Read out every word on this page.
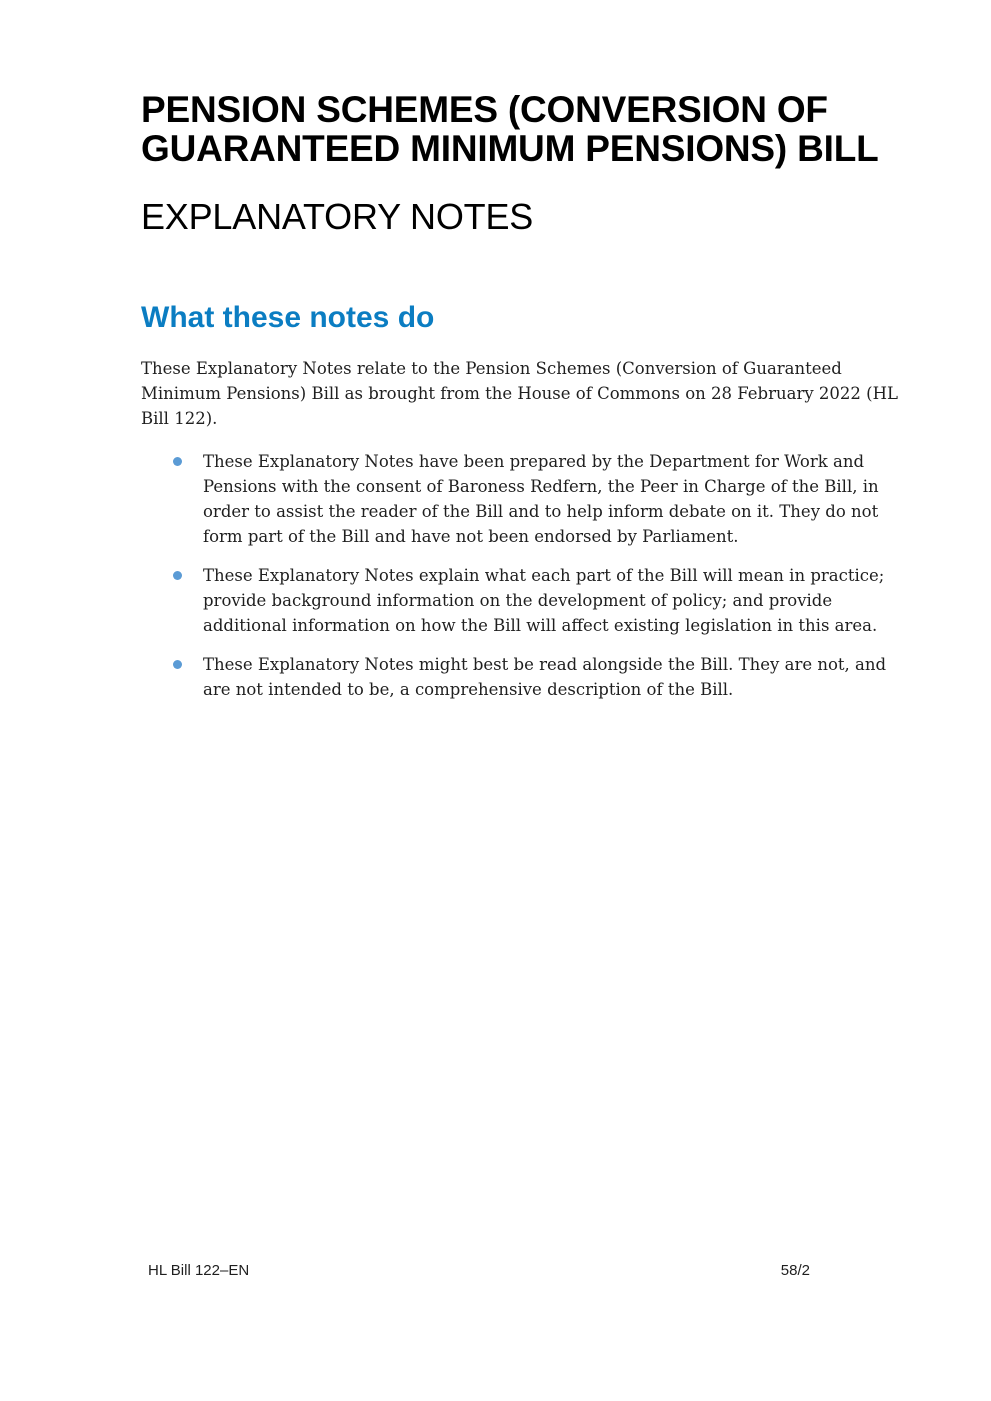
PENSION SCHEMES (CONVERSION OF GUARANTEED MINIMUM PENSIONS) BILL
EXPLANATORY NOTES
What these notes do

These Explanatory Notes relate to the Pension Schemes (Conversion of Guaranteed Minimum Pensions) Bill as brought from the House of Commons on 28 February 2022 (HL Bill 122).

These Explanatory Notes have been prepared by the Department for Work and Pensions with the consent of Baroness Redfern, the Peer in Charge of the Bill, in order to assist the reader of the Bill and to help inform debate on it. They do not form part of the Bill and have not been endorsed by Parliament.
These Explanatory Notes explain what each part of the Bill will mean in practice; provide background information on the development of policy; and provide additional information on how the Bill will affect existing legislation in this area.
These Explanatory Notes might best be read alongside the Bill. They are not, and are not intended to be, a comprehensive description of the Bill.
HL Bill 122–EN	58/2
